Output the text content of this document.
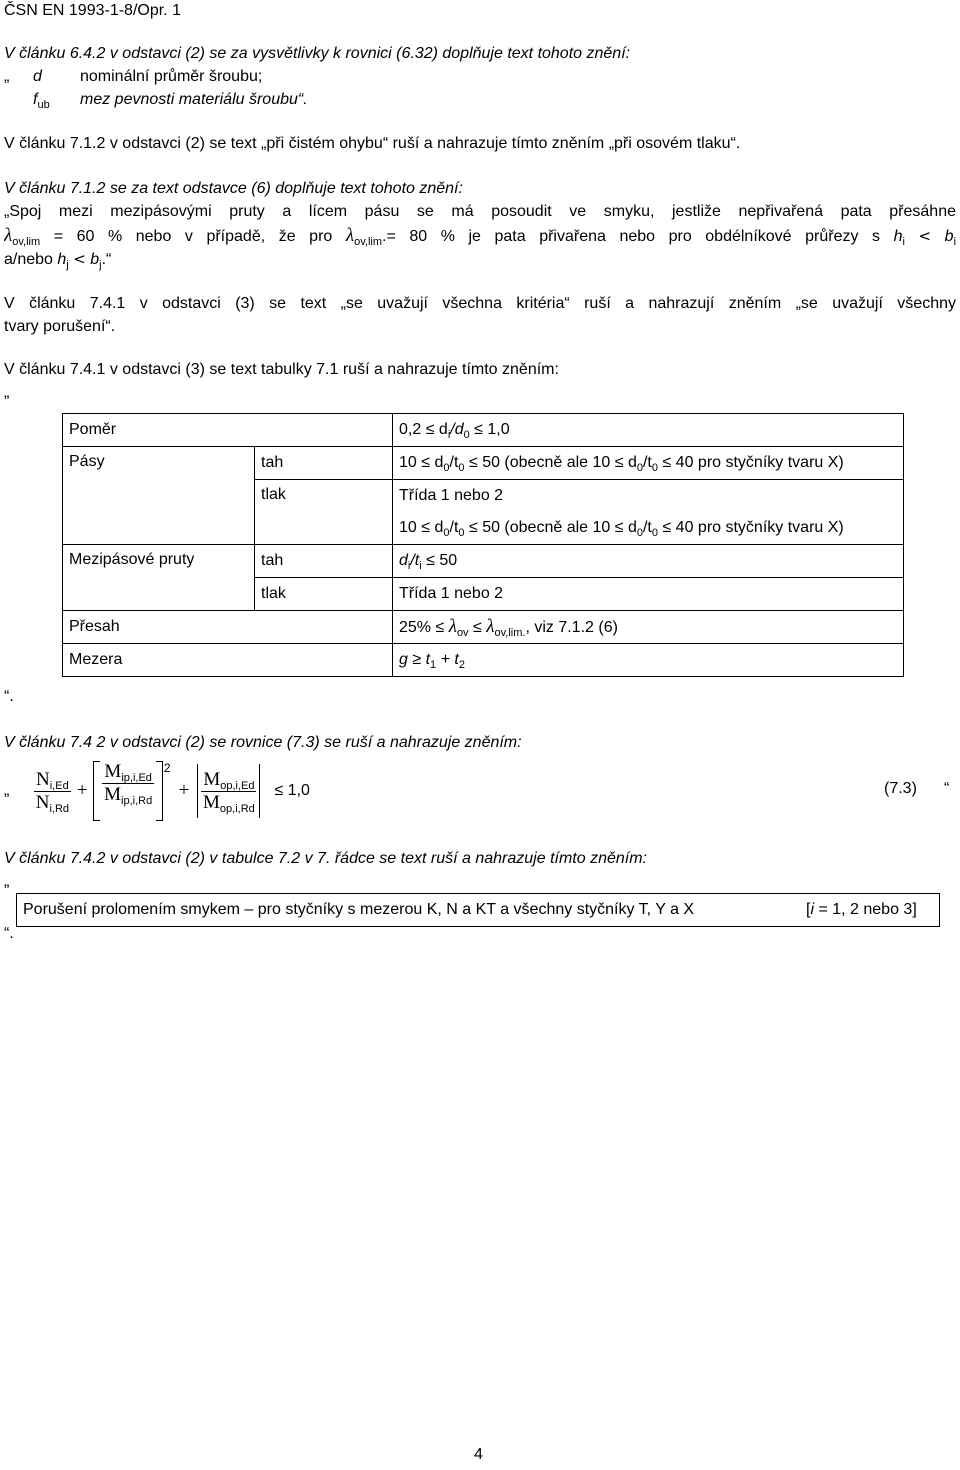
ČSN EN 1993-1-8/Opr. 1
V článku 6.4.2 v odstavci (2) se za vysvětlivky k rovnici (6.32) doplňuje text tohoto znění:
„ d nominální průměr šroubu;
$f_{ub}$ mez pevnosti materiálu šroubu“.
V článku 7.1.2 v odstavci (2) se text „při čistém ohybu“ ruší a nahrazuje tímto zněním „při osovém tlaku“.
V článku 7.1.2 se za text odstavce (6) doplňuje text tohoto znění:
„Spoj mezi mezipásovými pruty a lícem pásu se má posoudit ve smyku, jestliže nepřivařená pata přesáhne
$\lambda_{ov,lim} = 60$ % nebo v případě, že pro $\lambda_{ov,lim}.= 80$ % je pata přivařena nebo pro obdélníkové průřezy s $h_i < b_i$
a/nebo $h_j$ < $b_j.“$
V článku 7.4.1 v odstavci (3) se text „se uvažují všechna kritéria“ ruší a nahrazují zněním „se uvažují všechny
tvary porušení“.
V článku 7.4.1 v odstavci (3) se text tabulky 7.1 ruší a nahrazuje tímto zněním:
„
Poměr		$0,2 \le d_i/d_0 \le 1,0$
Pásy	tah	$10 \le d_0/t_0 \le 50$ (obecně ale $10 \le d_0/t_0 \le 40$ pro styčníky tvaru X)
	tlak	Třída 1 nebo 2
		$10 \le d_0/t_0 \le 50$ (obecně ale $10 \le d_0/t_0 \le 40$ pro styčníky tvaru X)
Mezipásové pruty	tah	$d_i/t_i \le 50$
	tlak	Třída 1 nebo 2
Přesah		$25\% \le \lambda_{ov} \le \lambda_{ov,lim.}$, viz 7.1.2 (6)
Mezera		$g \ge t_1 + t_2$
“.
V článku 7.4 2 v odstavci (2) se rovnice (7.3) se ruší a nahrazuje zněním:
„ $\frac{N_{i,Ed}}{N_{i,Rd}} + \frac{M_{ip,i,Ed}}{M_{ip,i,Rd}} 2$
+ $\frac{M_{op,i,Ed}}{M_{op,i,Rd}} \le 1,0$	(7.3) “
V článku 7.4.2 v odstavci (2) v tabulce 7.2 v 7. řádce se text ruší a nahrazuje tímto zněním:
„
Porušení prolomením smykem – pro styčníky s mezerou K, N a KT a všechny styčníky T, Y a X	[i = 1, 2 nebo 3]
“.
4
